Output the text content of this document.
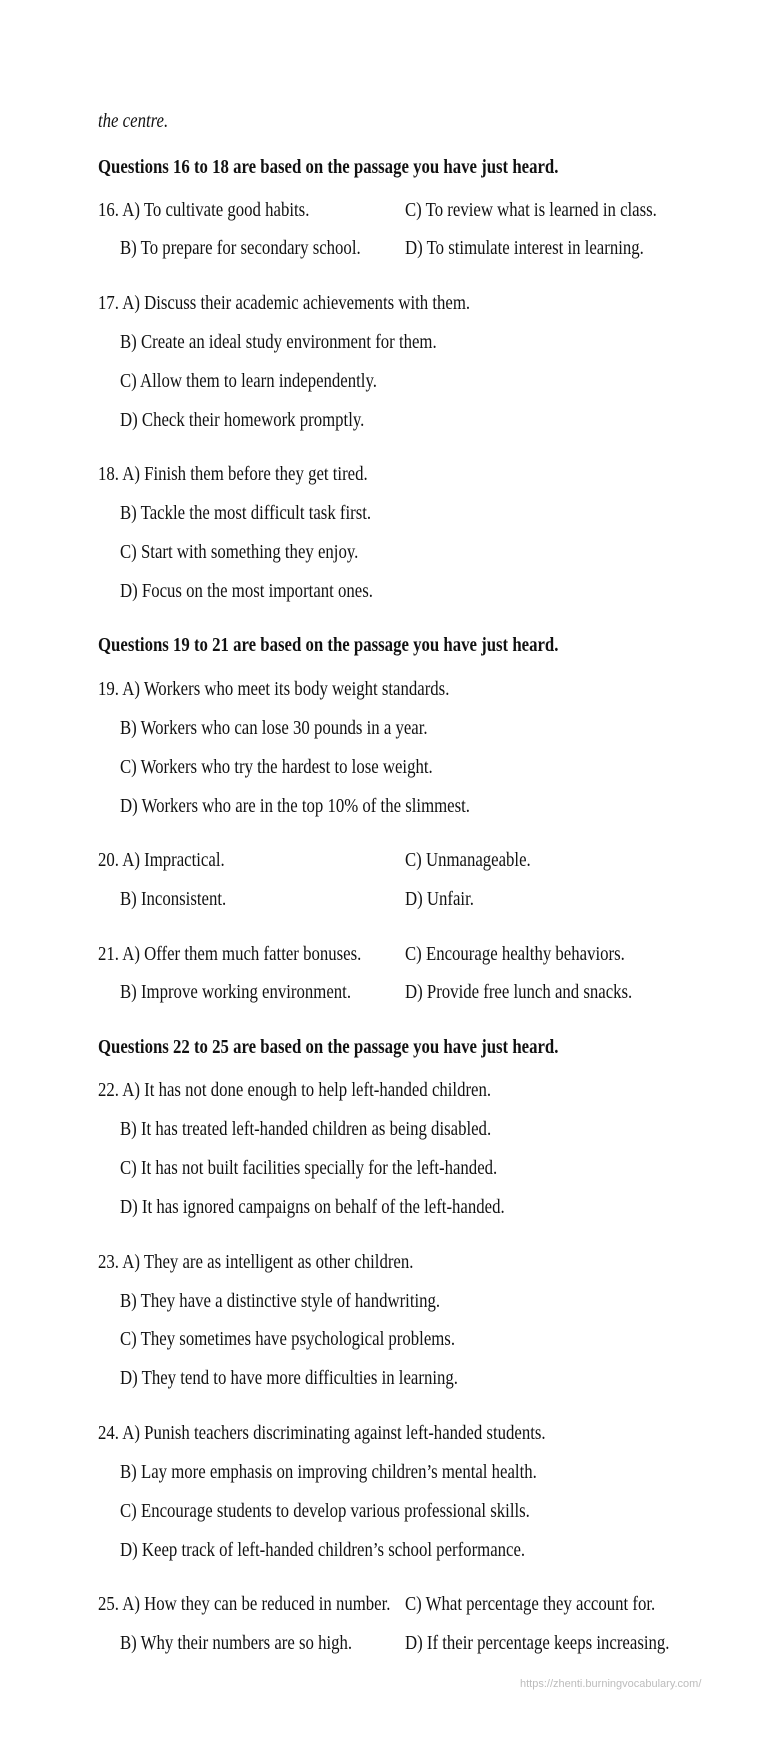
the centre.
Questions 16 to 18 are based on the passage you have just heard.
16. A) To cultivate good habits.	C) To review what is learned in class.
B) To prepare for secondary school. D) To stimulate interest in learning.
17. A) Discuss their academic achievements with them.
B) Create an ideal study environment for them.
C) Allow them to learn independently.
D) Check their homework promptly.
18. A) Finish them before they get tired.
B) Tackle the most difficult task first.
C) Start with something they enjoy.
D) Focus on the most important ones.
Questions 19 to 21 are based on the passage you have just heard.
19. A) Workers who meet its body weight standards.
B) Workers who can lose 30 pounds in a year.
C) Workers who try the hardest to lose weight.
D) Workers who are in the top 10% of the slimmest.
20. A) Impractical.	C) Unmanageable.
B) Inconsistent.	D) Unfair.
21. A) Offer them much fatter bonuses. C) Encourage healthy behaviors.
B) Improve working environment.	D) Provide free lunch and snacks.
Questions 22 to 25 are based on the passage you have just heard.
22. A) It has not done enough to help left-handed children.
B) It has treated left-handed children as being disabled.
C) It has not built facilities specially for the left-handed.
D) It has ignored campaigns on behalf of the left-handed.
23. A) They are as intelligent as other children.
B) They have a distinctive style of handwriting.
C) They sometimes have psychological problems.
D) They tend to have more difficulties in learning.
24. A) Punish teachers discriminating against left-handed students.
B) Lay more emphasis on improving children’s mental health.
C) Encourage students to develop various professional skills.
D) Keep track of left-handed children’s school performance.
25. A) How they can be reduced in number. C) What percentage they account for.
B) Why their numbers are so high.	D) If their percentage keeps increasing.
https://zhenti.burningvocabulary.com/
